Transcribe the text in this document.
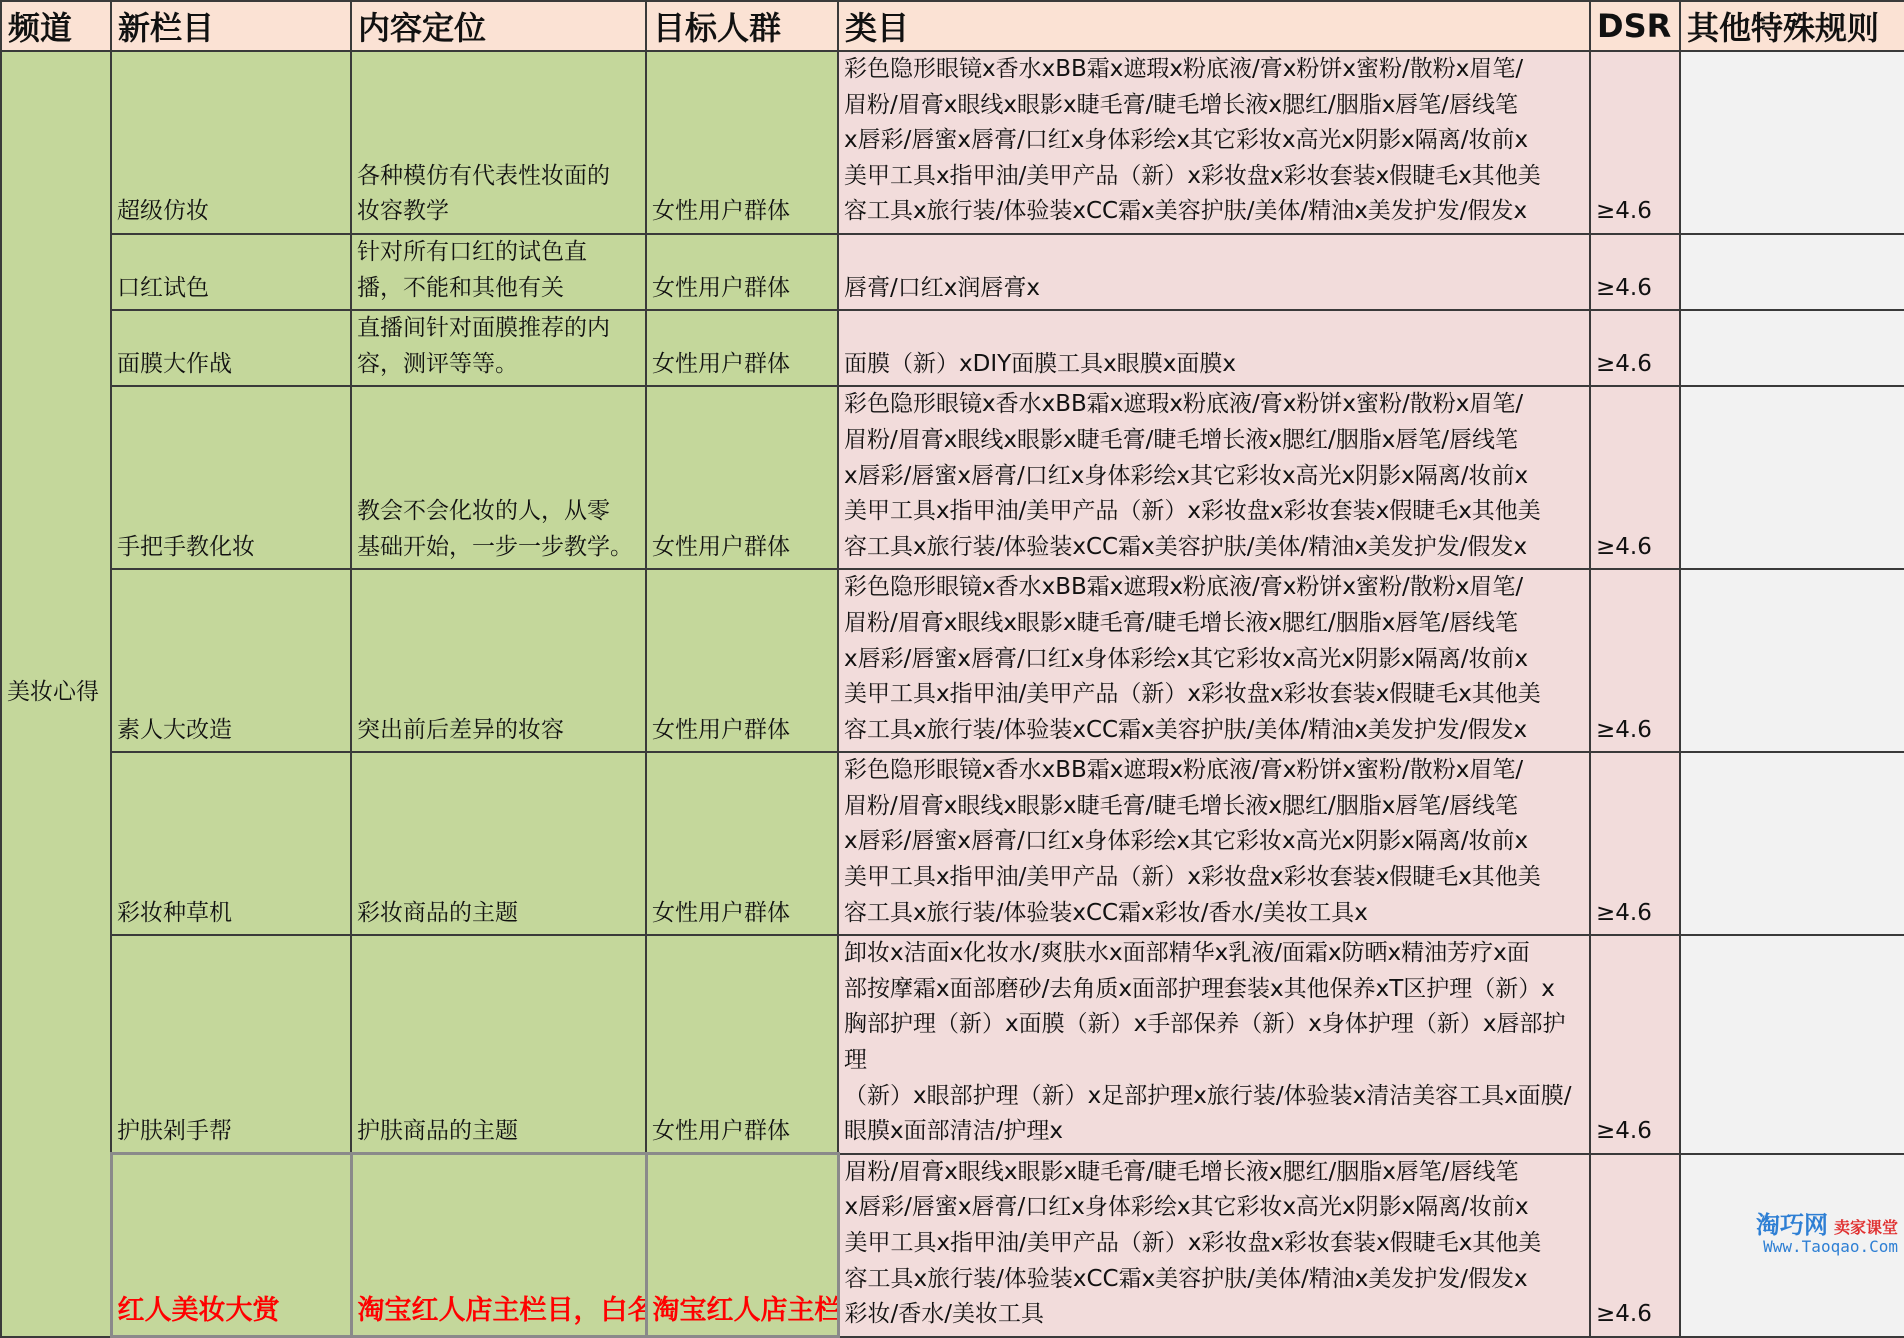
频道	新栏目	内容定位	目标人群	类目	DSR	其他特殊规则
美妆心得	超级仿妆	各种模仿有代表性妆面的
妆容教学	女性用户群体	彩色隐形眼镜x香水xBB霜x遮瑕x粉底液/膏x粉饼x蜜粉/散粉x眉笔/
眉粉/眉膏x眼线x眼影x睫毛膏/睫毛增长液x腮红/胭脂x唇笔/唇线笔
x唇彩/唇蜜x唇膏/口红x身体彩绘x其它彩妆x高光x阴影x隔离/妆前x
美甲工具x指甲油/美甲产品（新）x彩妆盘x彩妆套装x假睫毛x其他美
容工具x旅行装/体验装xCC霜x美容护肤/美体/精油x美发护发/假发x	≥4.6	
	口红试色	针对所有口红的试色直
播，不能和其他有关	女性用户群体	唇膏/口红x润唇膏x	≥4.6	
	面膜大作战	直播间针对面膜推荐的内
容，测评等等。	女性用户群体	面膜（新）xDIY面膜工具x眼膜x面膜x	≥4.6	
	手把手教化妆	教会不会化妆的人，从零
基础开始，一步一步教学。	女性用户群体	彩色隐形眼镜x香水xBB霜x遮瑕x粉底液/膏x粉饼x蜜粉/散粉x眉笔/
眉粉/眉膏x眼线x眼影x睫毛膏/睫毛增长液x腮红/胭脂x唇笔/唇线笔
x唇彩/唇蜜x唇膏/口红x身体彩绘x其它彩妆x高光x阴影x隔离/妆前x
美甲工具x指甲油/美甲产品（新）x彩妆盘x彩妆套装x假睫毛x其他美
容工具x旅行装/体验装xCC霜x美容护肤/美体/精油x美发护发/假发x	≥4.6	
	素人大改造	突出前后差异的妆容	女性用户群体	彩色隐形眼镜x香水xBB霜x遮瑕x粉底液/膏x粉饼x蜜粉/散粉x眉笔/
眉粉/眉膏x眼线x眼影x睫毛膏/睫毛增长液x腮红/胭脂x唇笔/唇线笔
x唇彩/唇蜜x唇膏/口红x身体彩绘x其它彩妆x高光x阴影x隔离/妆前x
美甲工具x指甲油/美甲产品（新）x彩妆盘x彩妆套装x假睫毛x其他美
容工具x旅行装/体验装xCC霜x美容护肤/美体/精油x美发护发/假发x	≥4.6	
	彩妆种草机	彩妆商品的主题	女性用户群体	彩色隐形眼镜x香水xBB霜x遮瑕x粉底液/膏x粉饼x蜜粉/散粉x眉笔/
眉粉/眉膏x眼线x眼影x睫毛膏/睫毛增长液x腮红/胭脂x唇笔/唇线笔
x唇彩/唇蜜x唇膏/口红x身体彩绘x其它彩妆x高光x阴影x隔离/妆前x
美甲工具x指甲油/美甲产品（新）x彩妆盘x彩妆套装x假睫毛x其他美
容工具x旅行装/体验装xCC霜x彩妆/香水/美妆工具x	≥4.6	
	护肤剁手帮	护肤商品的主题	女性用户群体	卸妆x洁面x化妆水/爽肤水x面部精华x乳液/面霜x防晒x精油芳疗x面
部按摩霜x面部磨砂/去角质x面部护理套装x其他保养xT区护理（新）x
胸部护理（新）x面膜（新）x手部保养（新）x身体护理（新）x唇部护理
（新）x眼部护理（新）x足部护理x旅行装/体验装x清洁美容工具x面膜/
眼膜x面部清洁/护理x	≥4.6	
	红人美妆大赏	淘宝红人店主栏目，白名	淘宝红人店主栏	眉粉/眉膏x眼线x眼影x睫毛膏/睫毛增长液x腮红/胭脂x唇笔/唇线笔
x唇彩/唇蜜x唇膏/口红x身体彩绘x其它彩妆x高光x阴影x隔离/妆前x
美甲工具x指甲油/美甲产品（新）x彩妆盘x彩妆套装x假睫毛x其他美
容工具x旅行装/体验装xCC霜x美容护肤/美体/精油x美发护发/假发x
彩妆/香水/美妆工具	≥4.6		淘巧网 卖家课堂
Www.Taoqao.Com
